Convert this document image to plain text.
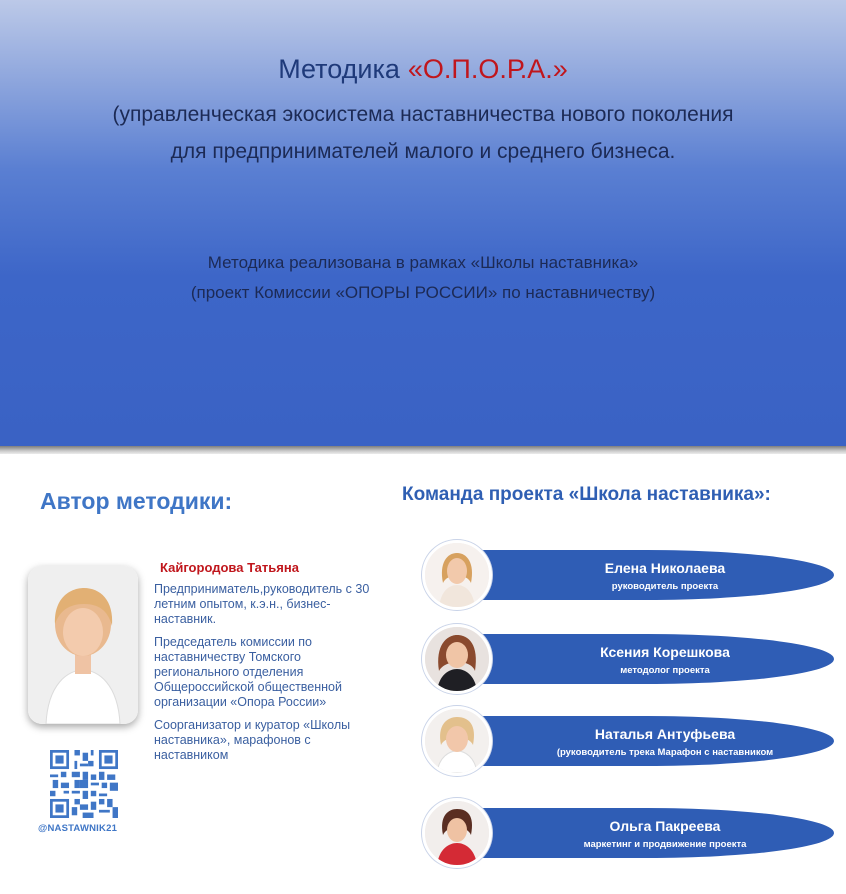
Методика «О.П.О.Р.А.»
(управленческая экосистема наставничества нового поколения для предпринимателей малого и среднего бизнеса.
Методика реализована в рамках «Школы наставника»
(проект Комиссии «ОПОРЫ РОССИИ» по наставничеству)
Автор методики:	Команда проекта «Школа наставника»:
Кайгородова Татьяна

Предприниматель,руководитель с 30 летним опытом, к.э.н., бизнес-наставник.

Председатель комиссии по наставничеству Томского регионального отделения Общероссийской общественной организации «Опора России»

Соорганизатор и куратор «Школы наставника», марафонов с наставником

@NASTAWNIK21
Елена Николаева
руководитель проекта
Ксения Корешкова
методолог проекта
Наталья Антуфьева
(руководитель трека Марафон с наставником
Ольга Пакреева
маркетинг и продвижение проекта
